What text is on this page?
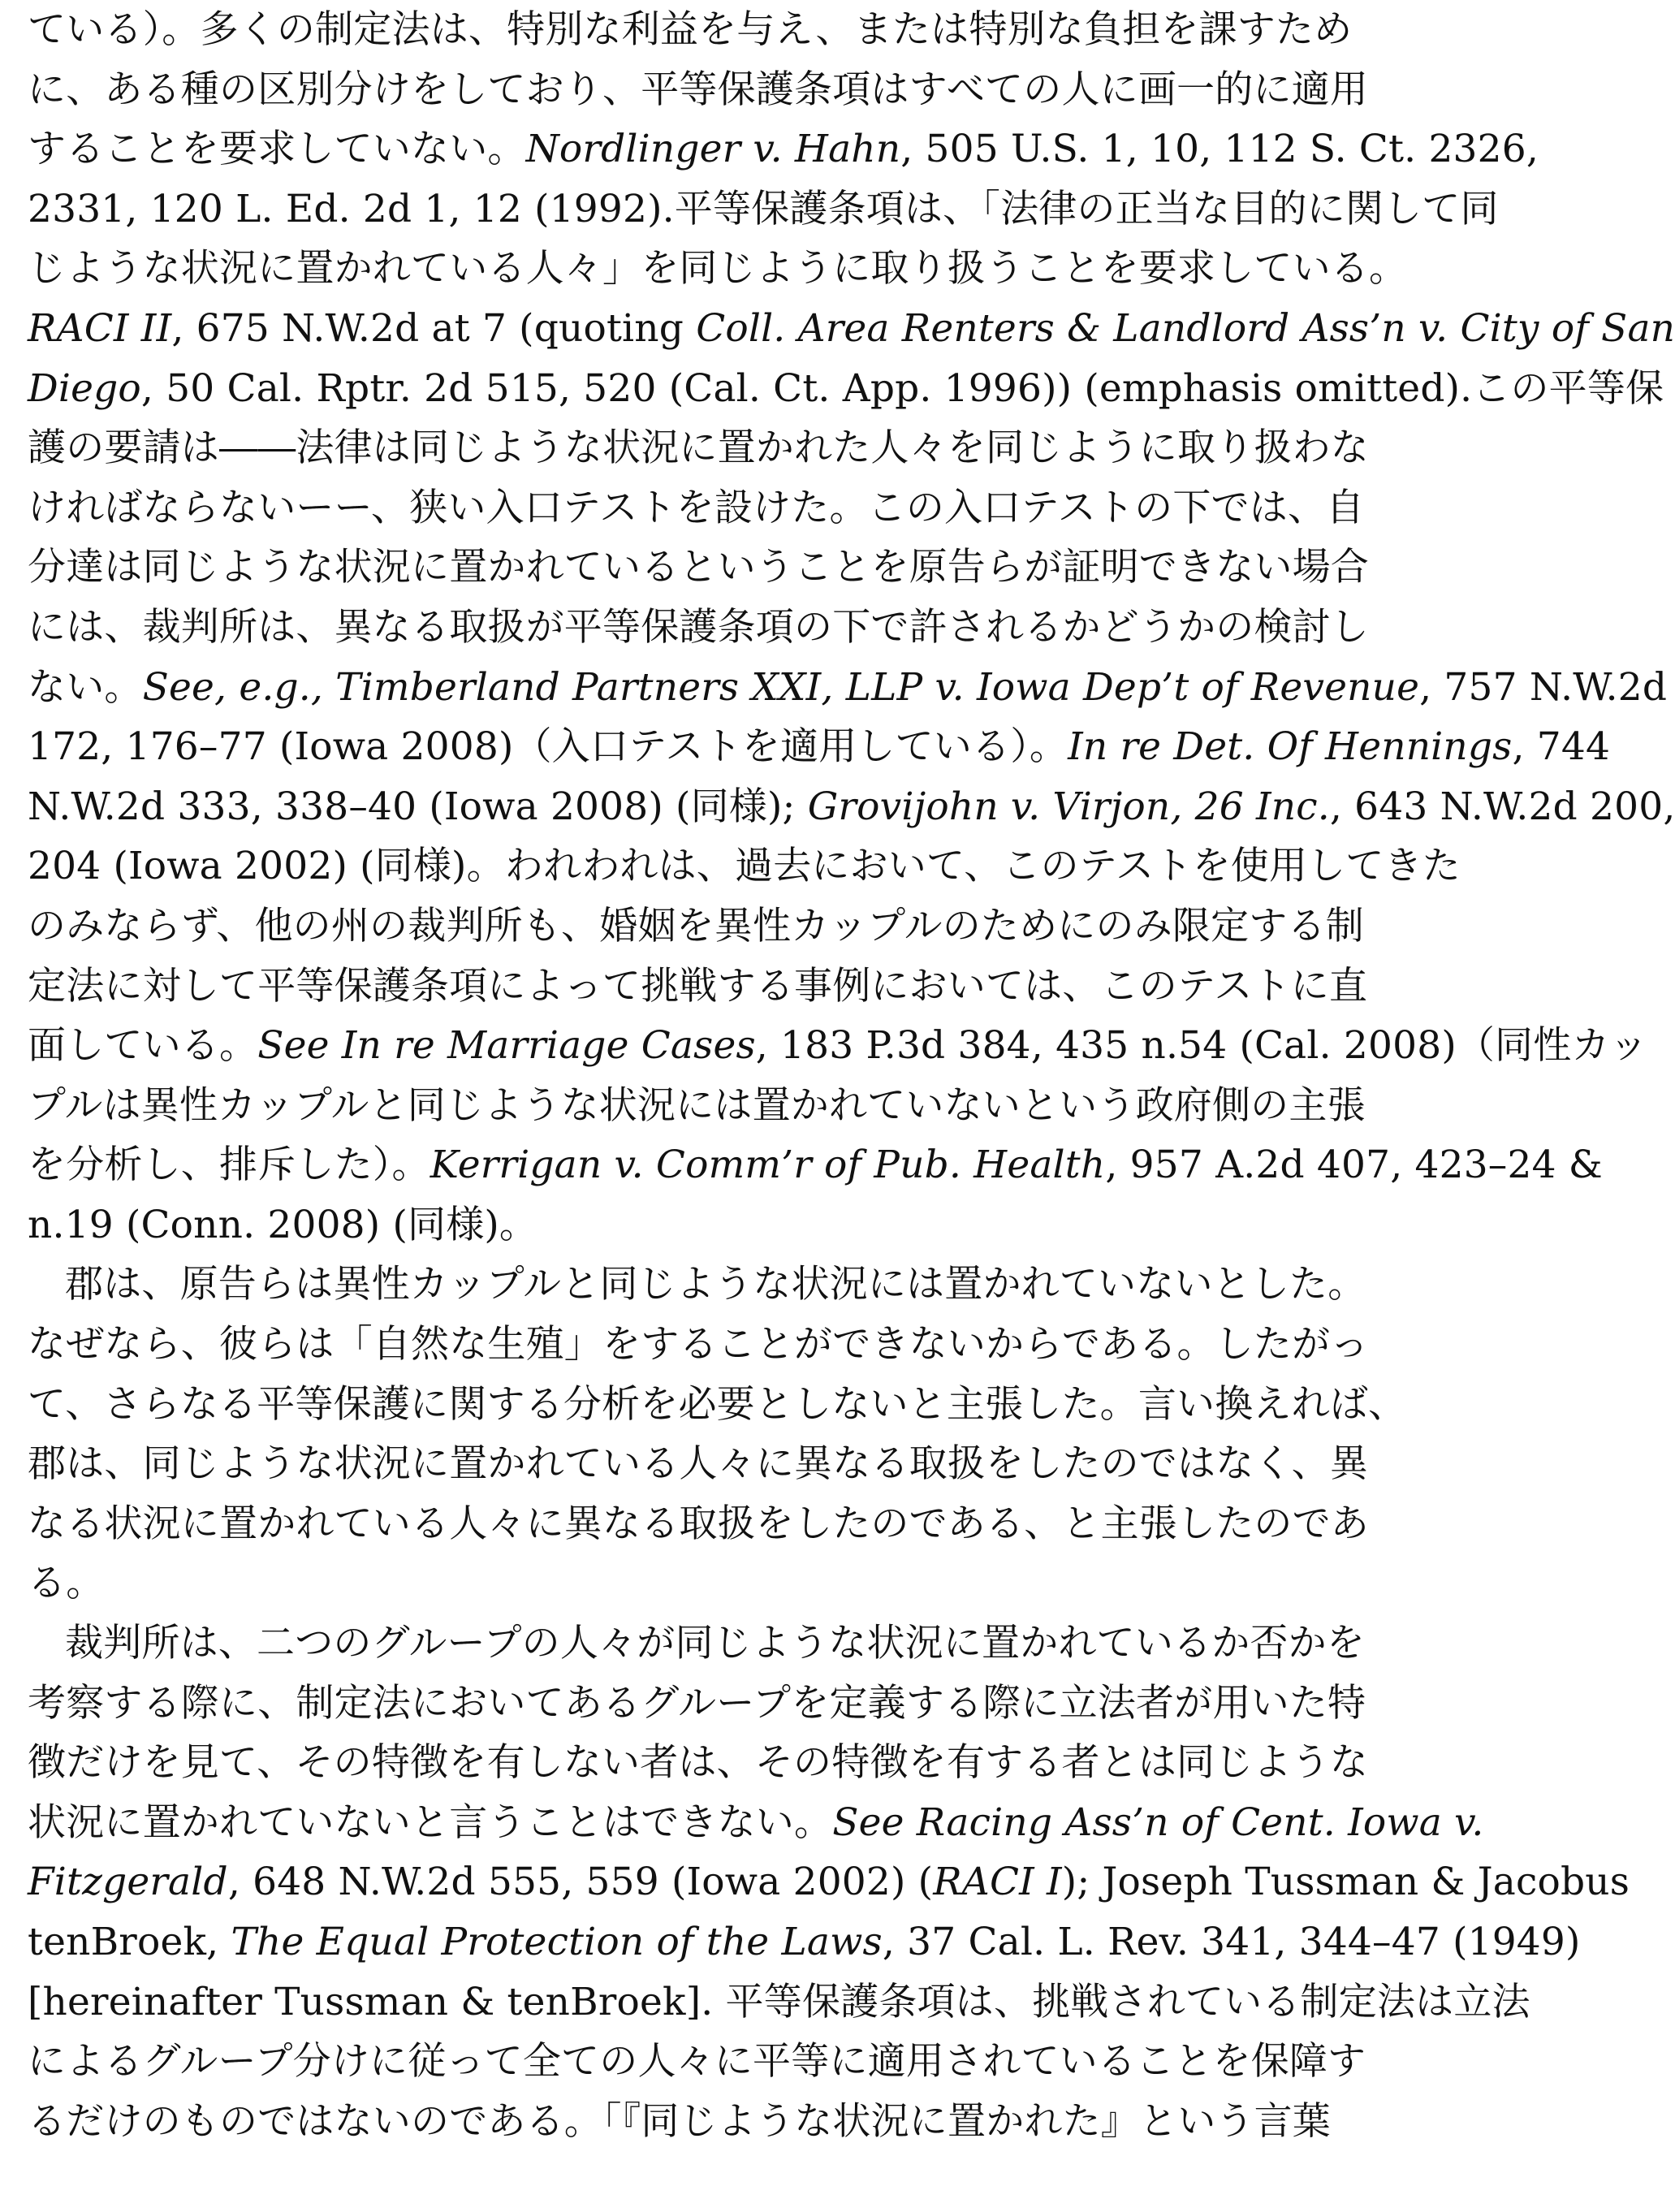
ている）。多くの制定法は、特別な利益を与え、または特別な負担を課すため
に、ある種の区別分けをしており、平等保護条項はすべての人に画一的に適用
することを要求していない。Nordlinger v. Hahn, 505 U.S. 1, 10, 112 S. Ct. 2326,
2331, 120 L. Ed. 2d 1, 12 (1992).平等保護条項は、「法律の正当な目的に関して同
じような状況に置かれている人々」を同じように取り扱うことを要求している。
RACI II, 675 N.W.2d at 7 (quoting Coll. Area Renters & Landlord Ass’n v. City of San
Diego, 50 Cal. Rptr. 2d 515, 520 (Cal. Ct. App. 1996)) (emphasis omitted).この平等保
護の要請は――法律は同じような状況に置かれた人々を同じように取り扱わな
ければならないーー、狭い入口テストを設けた。この入口テストの下では、自
分達は同じような状況に置かれているということを原告らが証明できない場合
には、裁判所は、異なる取扱が平等保護条項の下で許されるかどうかの検討し
ない。See, e.g., Timberland Partners XXI, LLP v. Iowa Dep’t of Revenue, 757 N.W.2d
172, 176–77 (Iowa 2008)（入口テストを適用している）。In re Det. Of Hennings, 744
N.W.2d 333, 338–40 (Iowa 2008) (同様); Grovijohn v. Virjon, 26 Inc., 643 N.W.2d 200,
204 (Iowa 2002) (同様)。われわれは、過去において、このテストを使用してきた
のみならず、他の州の裁判所も、婚姻を異性カップルのためにのみ限定する制
定法に対して平等保護条項によって挑戦する事例においては、このテストに直
面している。See In re Marriage Cases, 183 P.3d 384, 435 n.54 (Cal. 2008)（同性カッ
プルは異性カップルと同じような状況には置かれていないという政府側の主張
を分析し、排斥した）。Kerrigan v. Comm’r of Pub. Health, 957 A.2d 407, 423–24 &
n.19 (Conn. 2008) (同様)。
郡は、原告らは異性カップルと同じような状況には置かれていないとした。
なぜなら、彼らは「自然な生殖」をすることができないからである。したがっ
て、さらなる平等保護に関する分析を必要としないと主張した。言い換えれば、
郡は、同じような状況に置かれている人々に異なる取扱をしたのではなく、異
なる状況に置かれている人々に異なる取扱をしたのである、と主張したのであ
る。
裁判所は、二つのグループの人々が同じような状況に置かれているか否かを
考察する際に、制定法においてあるグループを定義する際に立法者が用いた特
徴だけを見て、その特徴を有しない者は、その特徴を有する者とは同じような
状況に置かれていないと言うことはできない。See Racing Ass’n of Cent. Iowa v.
Fitzgerald, 648 N.W.2d 555, 559 (Iowa 2002) (RACI I); Joseph Tussman & Jacobus
tenBroek, The Equal Protection of the Laws, 37 Cal. L. Rev. 341, 344–47 (1949)
[hereinafter Tussman & tenBroek]. 平等保護条項は、挑戦されている制定法は立法
によるグループ分けに従って全ての人々に平等に適用されていることを保障す
るだけのものではないのである。「『同じような状況に置かれた』という言葉
